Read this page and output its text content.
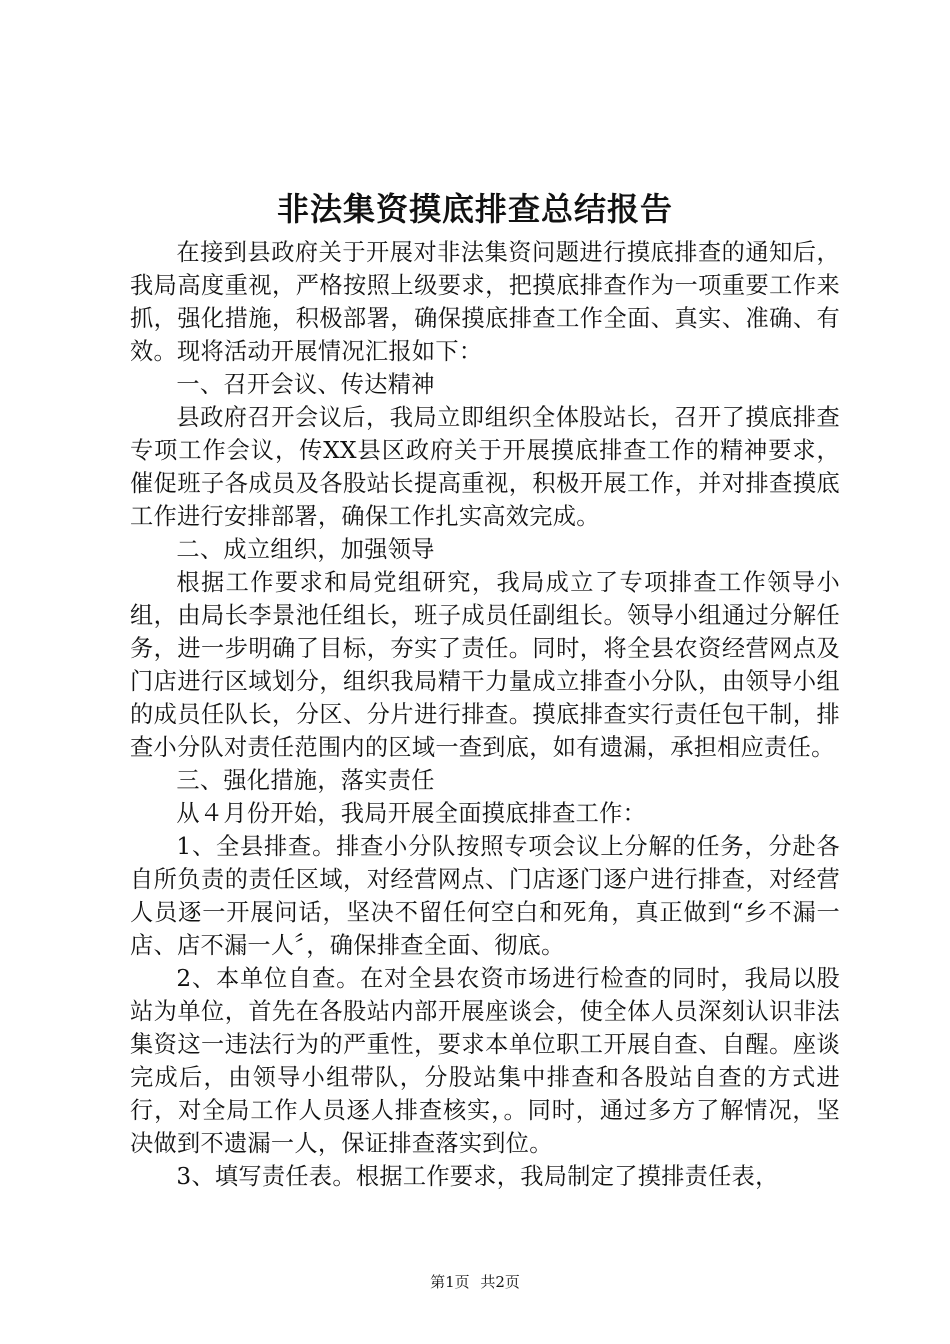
非法集资摸底排查总结报告

在接到县政府关于开展对非法集资问题进行摸底排查的通知后，我局高度重视，严格按照上级要求，把摸底排查作为一项重要工作来抓，强化措施，积极部署，确保摸底排查工作全面、真实、准确、有效。现将活动开展情况汇报如下：

一、召开会议、传达精神

县政府召开会议后，我局立即组织全体股站长，召开了摸底排查专项工作会议，传XX县区政府关于开展摸底排查工作的精神要求，催促班子各成员及各股站长提高重视，积极开展工作，并对排查摸底工作进行安排部署，确保工作扎实高效完成。

二、成立组织，加强领导

根据工作要求和局党组研究，我局成立了专项排查工作领导小组，由局长李景池任组长，班子成员任副组长。领导小组通过分解任务，进一步明确了目标，夯实了责任。同时，将全县农资经营网点及门店进行区域划分，组织我局精干力量成立排查小分队，由领导小组的成员任队长，分区、分片进行排查。摸底排查实行责任包干制，排查小分队对责任范围内的区域一查到底，如有遗漏，承担相应责任。

三、强化措施，落实责任

从４月份开始，我局开展全面摸底排查工作：

1、全县排查。排查小分队按照专项会议上分解的任务，分赴各自所负责的责任区域，对经营网点、门店逐门逐户进行排查，对经营人员逐一开展问话，坚决不留任何空白和死角，真正做到“乡不漏一店、店不漏一人〞，确保排查全面、彻底。

2、本单位自查。在对全县农资市场进行检查的同时，我局以股站为单位，首先在各股站内部开展座谈会，使全体人员深刻认识非法集资这一违法行为的严重性，要求本单位职工开展自查、自醒。座谈完成后，由领导小组带队，分股站集中排查和各股站自查的方式进行，对全局工作人员逐人排查核实，。同时，通过多方了解情况，坚决做到不遗漏一人，保证排查落实到位。

3、填写责任表。根据工作要求，我局制定了摸排责任表，

第1页 共2页
